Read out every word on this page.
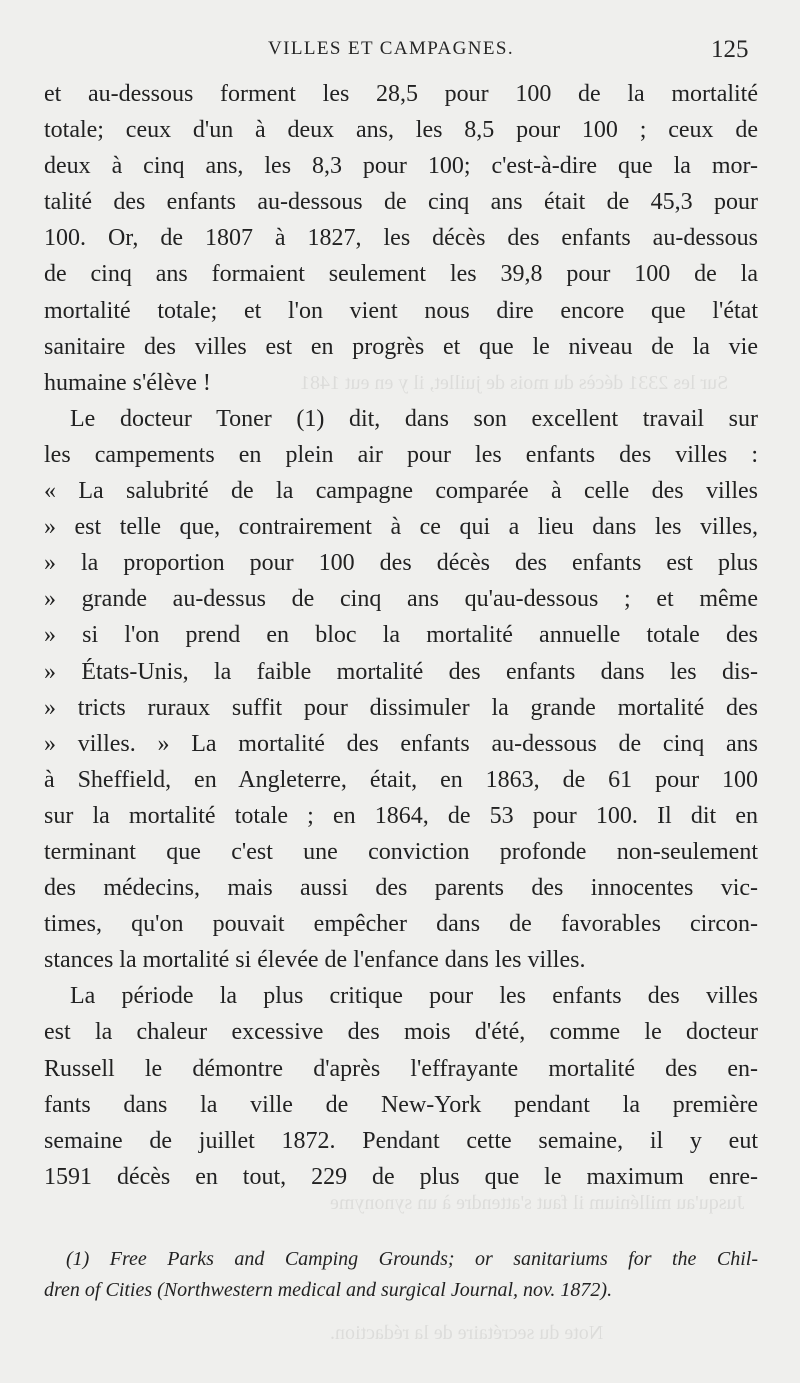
Sur les 2331 décès du mois de juillet, il y en eut 1481
Jusqu'au millénium il faut s'attendre à un synonyme
Note du secrétaire de la rédaction.
VILLES ET CAMPAGNES.	125
et au-dessous forment les 28,5 pour 100 de la mortalité
totale; ceux d'un à deux ans, les 8,5 pour 100 ; ceux de
deux à cinq ans, les 8,3 pour 100; c'est-à-dire que la mor-
talité des enfants au-dessous de cinq ans était de 45,3 pour
100. Or, de 1807 à 1827, les décès des enfants au-dessous
de cinq ans formaient seulement les 39,8 pour 100 de la
mortalité totale; et l'on vient nous dire encore que l'état
sanitaire des villes est en progrès et que le niveau de la vie
humaine s'élève !
Le docteur Toner (1) dit, dans son excellent travail sur
les campements en plein air pour les enfants des villes :
« La salubrité de la campagne comparée à celle des villes
» est telle que, contrairement à ce qui a lieu dans les villes,
» la proportion pour 100 des décès des enfants est plus
» grande au-dessus de cinq ans qu'au-dessous ; et même
» si l'on prend en bloc la mortalité annuelle totale des
» États-Unis, la faible mortalité des enfants dans les dis-
» tricts ruraux suffit pour dissimuler la grande mortalité des
» villes. » La mortalité des enfants au-dessous de cinq ans
à Sheffield, en Angleterre, était, en 1863, de 61 pour 100
sur la mortalité totale ; en 1864, de 53 pour 100. Il dit en
terminant que c'est une conviction profonde non-seulement
des médecins, mais aussi des parents des innocentes vic-
times, qu'on pouvait empêcher dans de favorables circon-
stances la mortalité si élevée de l'enfance dans les villes.
La période la plus critique pour les enfants des villes
est la chaleur excessive des mois d'été, comme le docteur
Russell le démontre d'après l'effrayante mortalité des en-
fants dans la ville de New-York pendant la première
semaine de juillet 1872. Pendant cette semaine, il y eut
1591 décès en tout, 229 de plus que le maximum enre-
(1) Free Parks and Camping Grounds; or sanitariums for the Chil-
dren of Cities (Northwestern medical and surgical Journal, nov. 1872).
